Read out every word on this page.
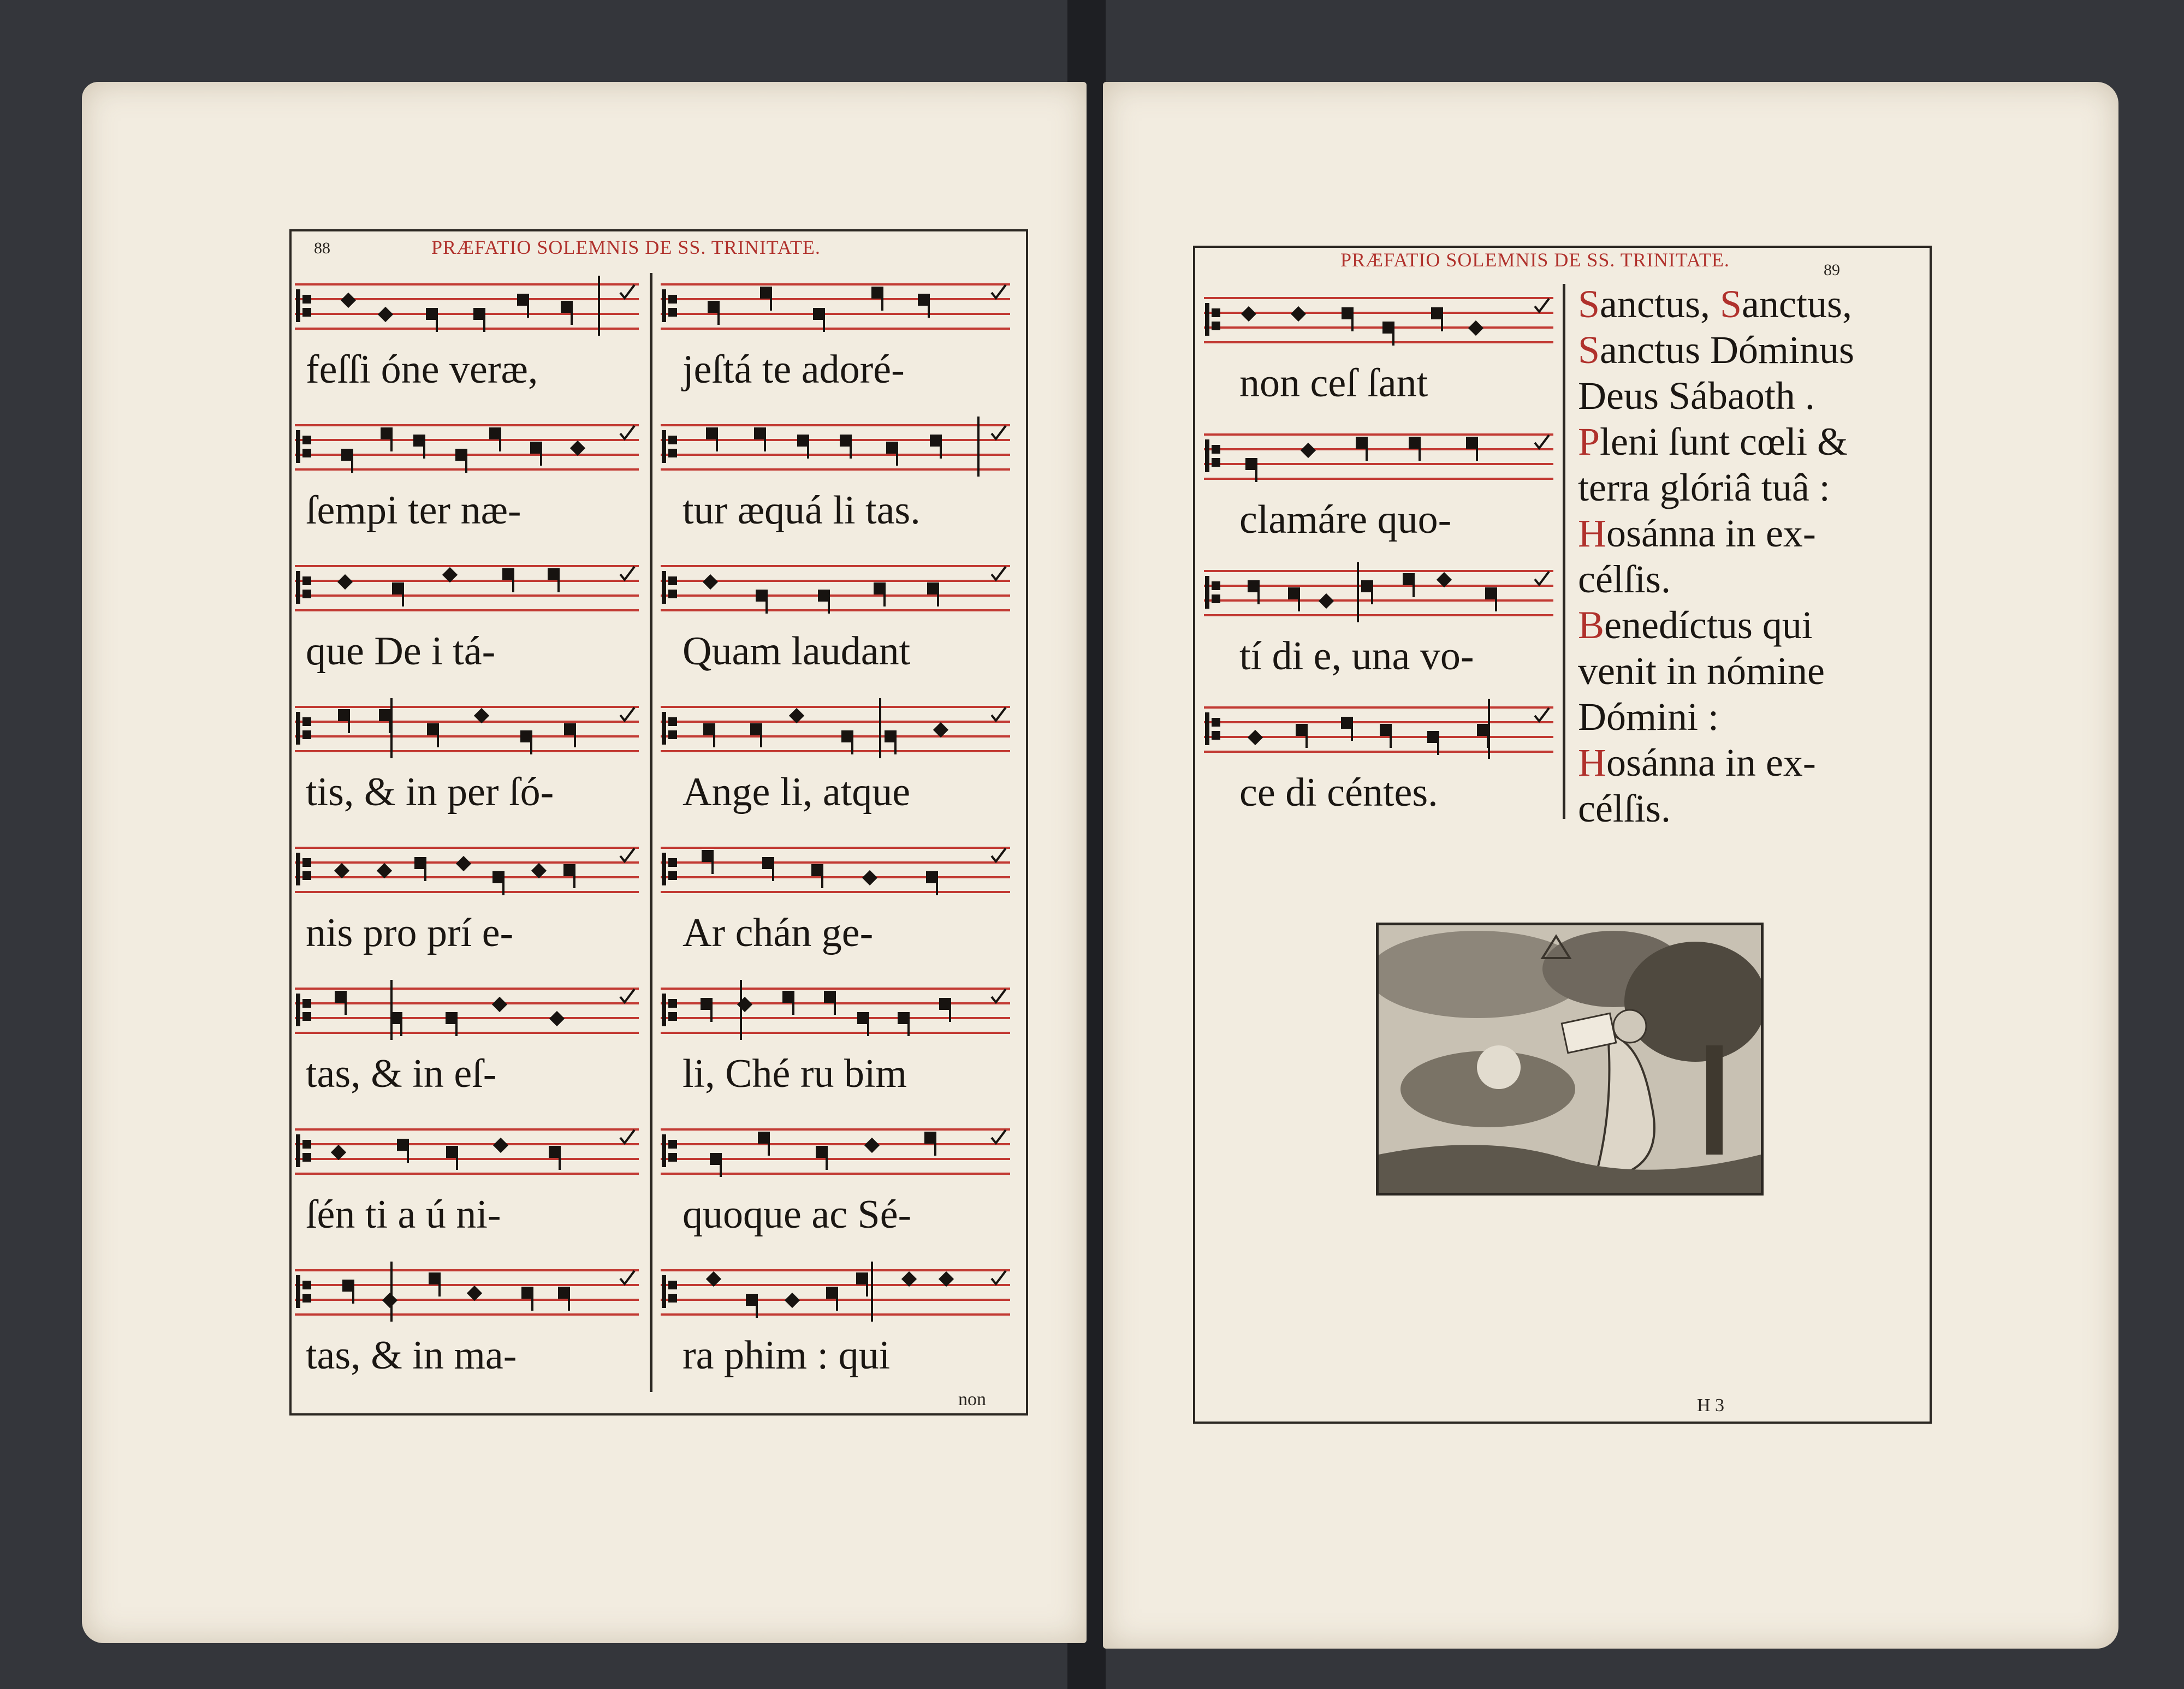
88	PRÆFATIO SOLEMNIS DE SS. TRINITATE.
feſſi óne veræ,
ſempi ter næ-
que De i tá-
tis, & in per ſó-
nis pro prí e-
tas, & in eſ-
ſén ti a ú ni-
tas, & in ma-
jeſtá te adoré-
tur æquá li tas.
Quam laudant
Ange li, atque
Ar chán ge-
li, Ché ru bim
quoque ac Sé-
ra phim : qui
non
PRÆFATIO SOLEMNIS DE SS. TRINITATE.	89
non ceſ ſant
clamáre quo-
tí di e, una vo-
ce di céntes.
Sanctus, Sanctus,
Sanctus Dóminus
Deus Sábaoth .
Pleni ſunt cœli &
terra glóriâ tuâ :
Hosánna in ex-
célſis.
Benedíctus qui
venit in nómine
Dómini :
Hosánna in ex-
célſis.
H 3
